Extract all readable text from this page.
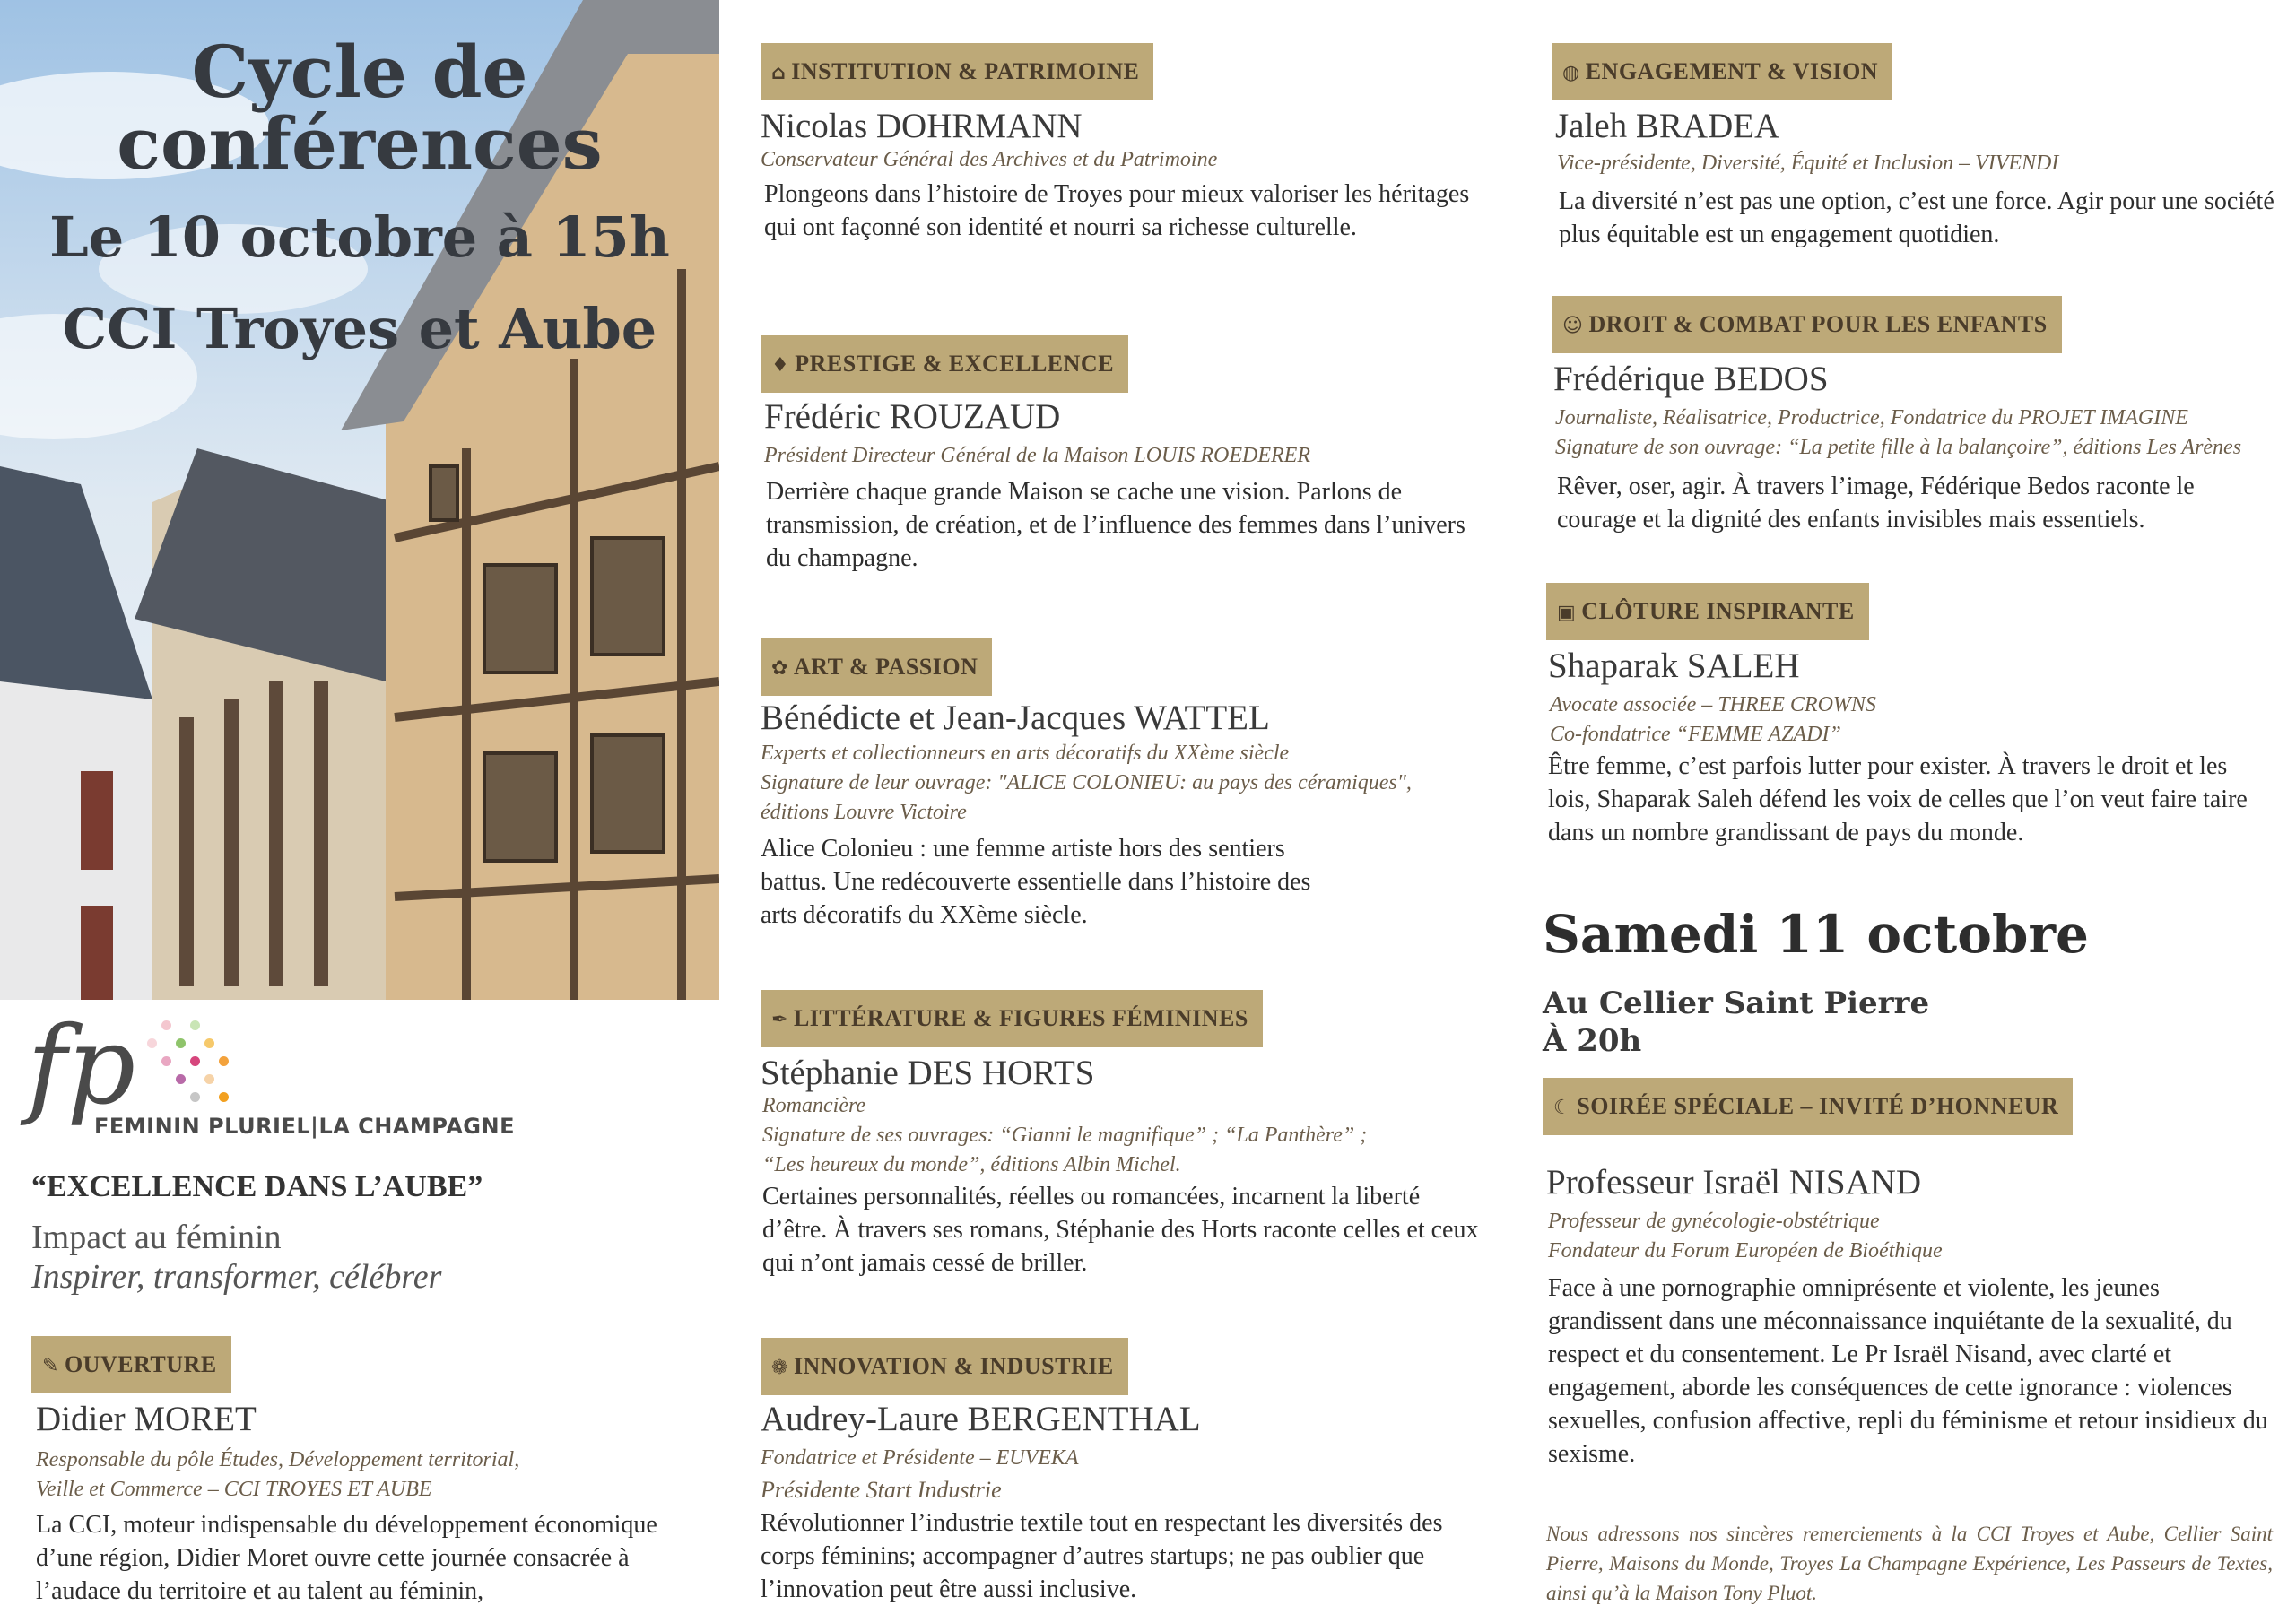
Cycle de
conférences
Le 10 octobre à 15h
CCI Troyes et Aube
fp
FEMININ PLURIEL|LA CHAMPAGNE
“EXCELLENCE DANS L’AUBE”
Impact au féminin
Inspirer, transformer, célébrer
✎ OUVERTURE
Didier MORET
Responsable du pôle Études, Développement territorial,
Veille et Commerce – CCI TROYES ET AUBE
La CCI, moteur indispensable du développement économique d’une région, Didier Moret ouvre cette journée consacrée à l’audace du territoire et au talent au féminin,
⌂ INSTITUTION & PATRIMOINE
Nicolas DOHRMANN
Conservateur Général des Archives et du Patrimoine
Plongeons dans l’histoire de Troyes pour mieux valoriser les héritages qui ont façonné son identité et nourri sa richesse culturelle.
♦ PRESTIGE & EXCELLENCE
Frédéric ROUZAUD
Président Directeur Général de la Maison LOUIS ROEDERER
Derrière chaque grande Maison se cache une vision. Parlons de transmission, de création, et de l’influence des femmes dans l’univers du champagne.
✿ ART & PASSION
Bénédicte et Jean-Jacques WATTEL
Experts et collectionneurs en arts décoratifs du XXème siècle
Signature de leur ouvrage: "ALICE COLONIEU: au pays des céramiques",
éditions Louvre Victoire
Alice Colonieu : une femme artiste hors des sentiers battus. Une redécouverte essentielle dans l’histoire des arts décoratifs du XXème siècle.
✒ LITTÉRATURE & FIGURES FÉMININES
Stéphanie DES HORTS
Romancière
Signature de ses ouvrages: “Gianni le magnifique” ; “La Panthère” ;
“Les heureux du monde”, éditions Albin Michel.
Certaines personnalités, réelles ou romancées, incarnent la liberté d’être. À travers ses romans, Stéphanie des Horts raconte celles et ceux qui n’ont jamais cessé de briller.
❁ INNOVATION & INDUSTRIE
Audrey-Laure BERGENTHAL
Fondatrice et Présidente – EUVEKA
Présidente Start Industrie
Révolutionner l’industrie textile tout en respectant les diversités des corps féminins; accompagner d’autres startups; ne pas oublier que l’innovation peut être aussi inclusive.
◍ ENGAGEMENT & VISION
Jaleh BRADEA
Vice-présidente, Diversité, Équité et Inclusion – VIVENDI
La diversité n’est pas une option, c’est une force. Agir pour une société plus équitable est un engagement quotidien.
☺ DROIT & COMBAT POUR LES ENFANTS
Frédérique BEDOS
Journaliste, Réalisatrice, Productrice, Fondatrice du PROJET IMAGINE
Signature de son ouvrage: “La petite fille à la balançoire”, éditions Les Arènes
Rêver, oser, agir. À travers l’image, Fédérique Bedos raconte le courage et la dignité des enfants invisibles mais essentiels.
▣ CLÔTURE INSPIRANTE
Shaparak SALEH
Avocate associée – THREE CROWNS
Co-fondatrice “FEMME AZADI”
Être femme, c’est parfois lutter pour exister. À travers le droit et les lois, Shaparak Saleh défend les voix de celles que l’on veut faire taire dans un nombre grandissant de pays du monde.
Samedi 11 octobre
Au Cellier Saint Pierre
À 20h
☾ SOIRÉE SPÉCIALE – INVITÉ D’HONNEUR
Professeur Israël NISAND
Professeur de gynécologie-obstétrique
Fondateur du Forum Européen de Bioéthique
Face à une pornographie omniprésente et violente, les jeunes grandissent dans une méconnaissance inquiétante de la sexualité, du respect et du consentement. Le Pr Israël Nisand, avec clarté et engagement, aborde les conséquences de cette ignorance : violences sexuelles, confusion affective, repli du féminisme et retour insidieux du sexisme.
Nous adressons nos sincères remerciements à la CCI Troyes et Aube, Cellier Saint Pierre, Maisons du Monde, Troyes La Champagne Expérience, Les Passeurs de Textes, ainsi qu’à la Maison Tony Pluot.
